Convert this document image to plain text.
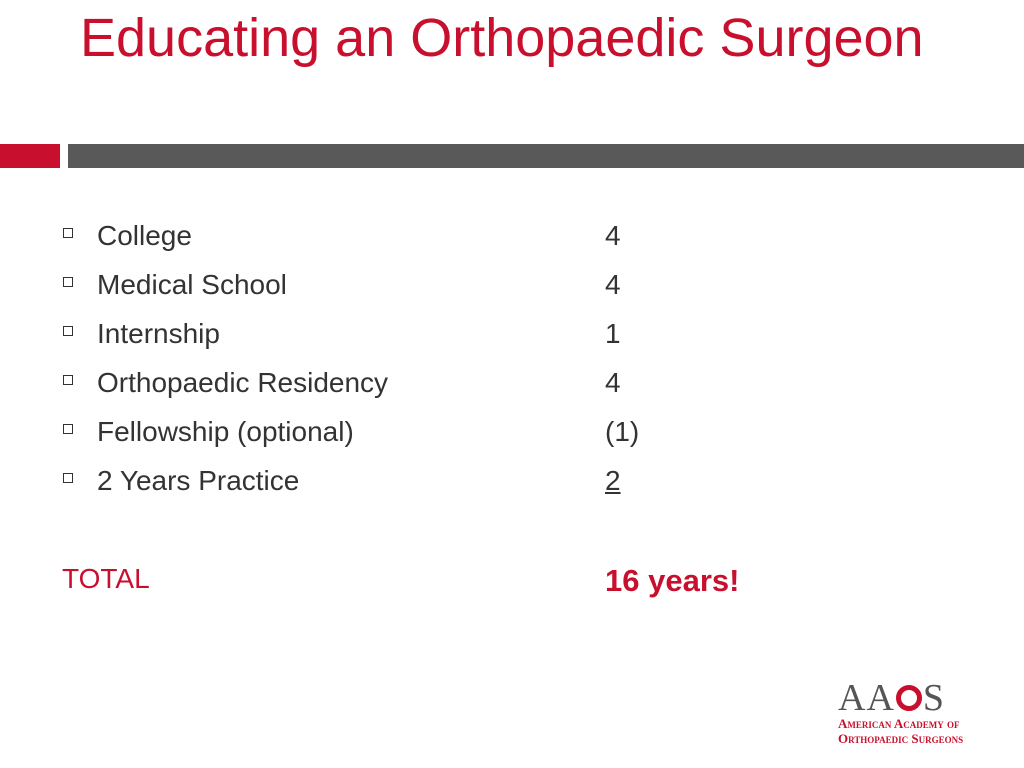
Educating an Orthopaedic Surgeon
College	4
Medical School	4
Internship	1
Orthopaedic Residency	4
Fellowship (optional)	(1)
2 Years Practice	2
TOTAL	16 years!
AA S
American Academy of
Orthopaedic Surgeons
